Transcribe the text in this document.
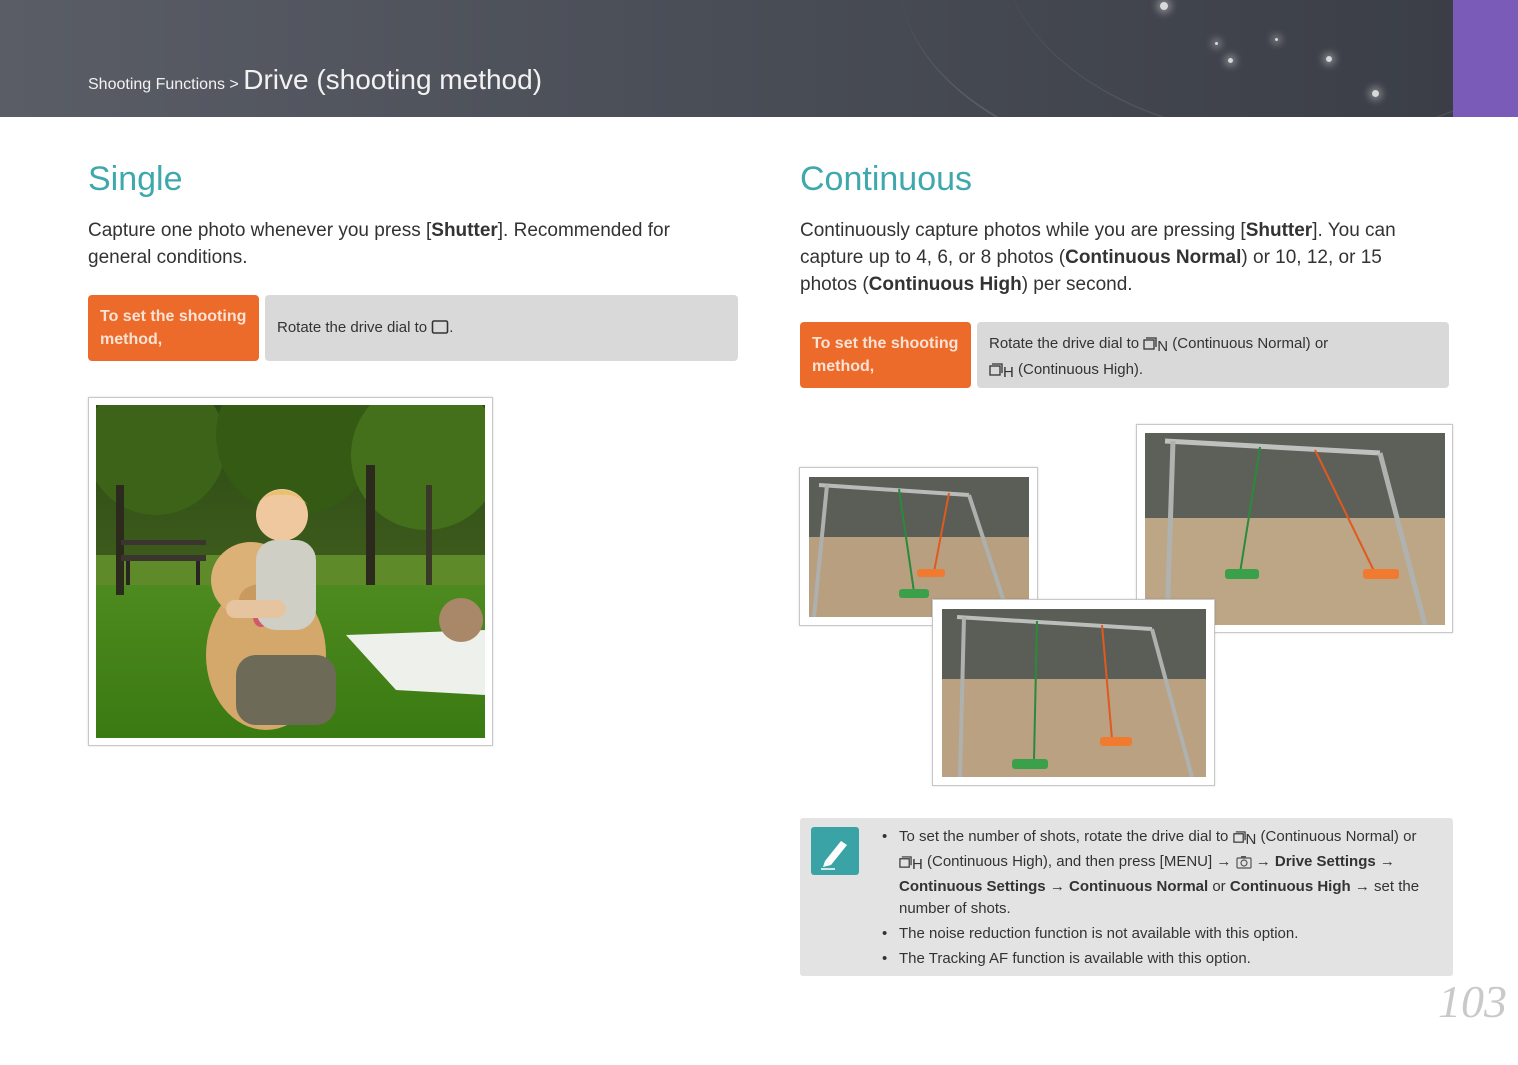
Shooting Functions > Drive (shooting method)
Single

Capture one photo whenever you press [Shutter]. Recommended for general conditions.

To set the shooting method,
Rotate the drive dial to .
Continuous

Continuously capture photos while you are pressing [Shutter]. You can capture up to 4, 6, or 8 photos (Continuous Normal) or 10, 12, or 15 photos (Continuous High) per second.

To set the shooting method,
Rotate the drive dial to N (Continuous Normal) or
H (Continuous High).
• To set the number of shots, rotate the drive dial to N (Continuous Normal) or H (Continuous High), and then press [MENU] → → Drive Settings → Continuous Settings → Continuous Normal or Continuous High → set the number of shots.
• The noise reduction function is not available with this option.
• The Tracking AF function is available with this option.
103
